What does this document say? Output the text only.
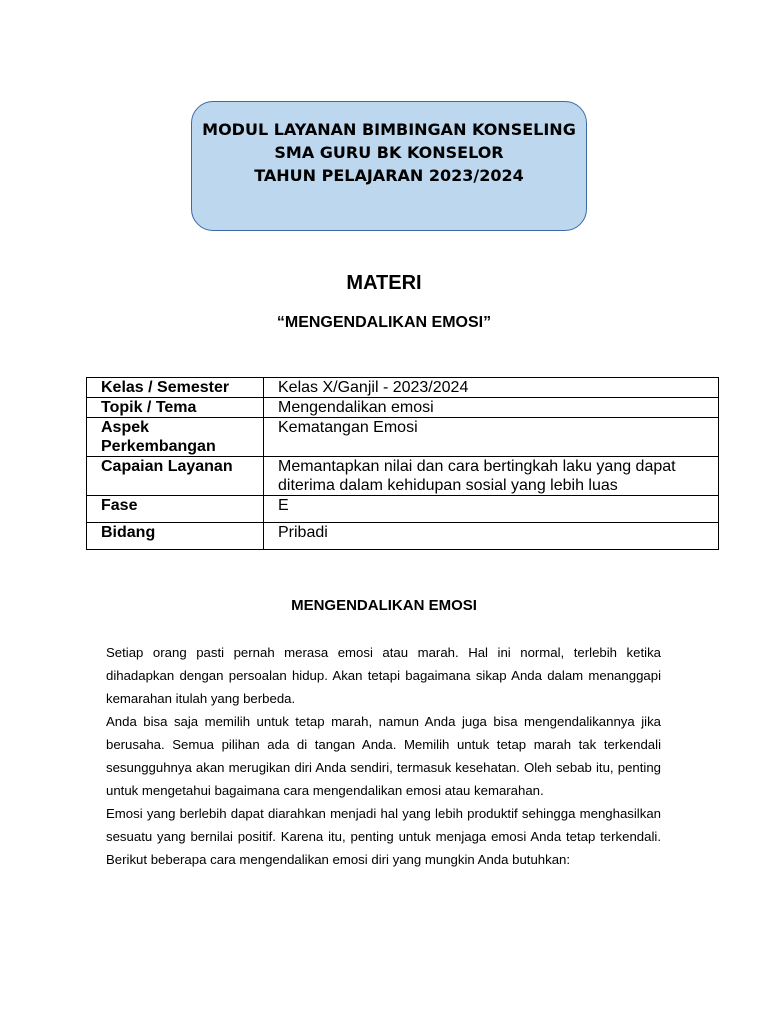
MODUL LAYANAN BIMBINGAN KONSELING
SMA GURU BK KONSELOR
TAHUN PELAJARAN 2023/2024
MATERI
“MENGENDALIKAN EMOSI”
Kelas / Semester	Kelas X/Ganjil - 2023/2024
Topik / Tema	Mengendalikan emosi
Aspek Perkembangan	Kematangan Emosi
Capaian Layanan	Memantapkan nilai dan cara bertingkah laku yang dapat diterima dalam kehidupan sosial yang lebih luas
Fase	E
Bidang	Pribadi
MENGENDALIKAN EMOSI

Setiap orang pasti pernah merasa emosi atau marah. Hal ini normal, terlebih ketika dihadapkan dengan persoalan hidup. Akan tetapi bagaimana sikap Anda dalam menanggapi kemarahan itulah yang berbeda.

Anda bisa saja memilih untuk tetap marah, namun Anda juga bisa mengendalikannya jika berusaha. Semua pilihan ada di tangan Anda. Memilih untuk tetap marah tak terkendali sesungguhnya akan merugikan diri Anda sendiri, termasuk kesehatan. Oleh sebab itu, penting untuk mengetahui bagaimana cara mengendalikan emosi atau kemarahan.

Emosi yang berlebih dapat diarahkan menjadi hal yang lebih produktif sehingga menghasilkan sesuatu yang bernilai positif. Karena itu, penting untuk menjaga emosi Anda tetap terkendali. Berikut beberapa cara mengendalikan emosi diri yang mungkin Anda butuhkan:
